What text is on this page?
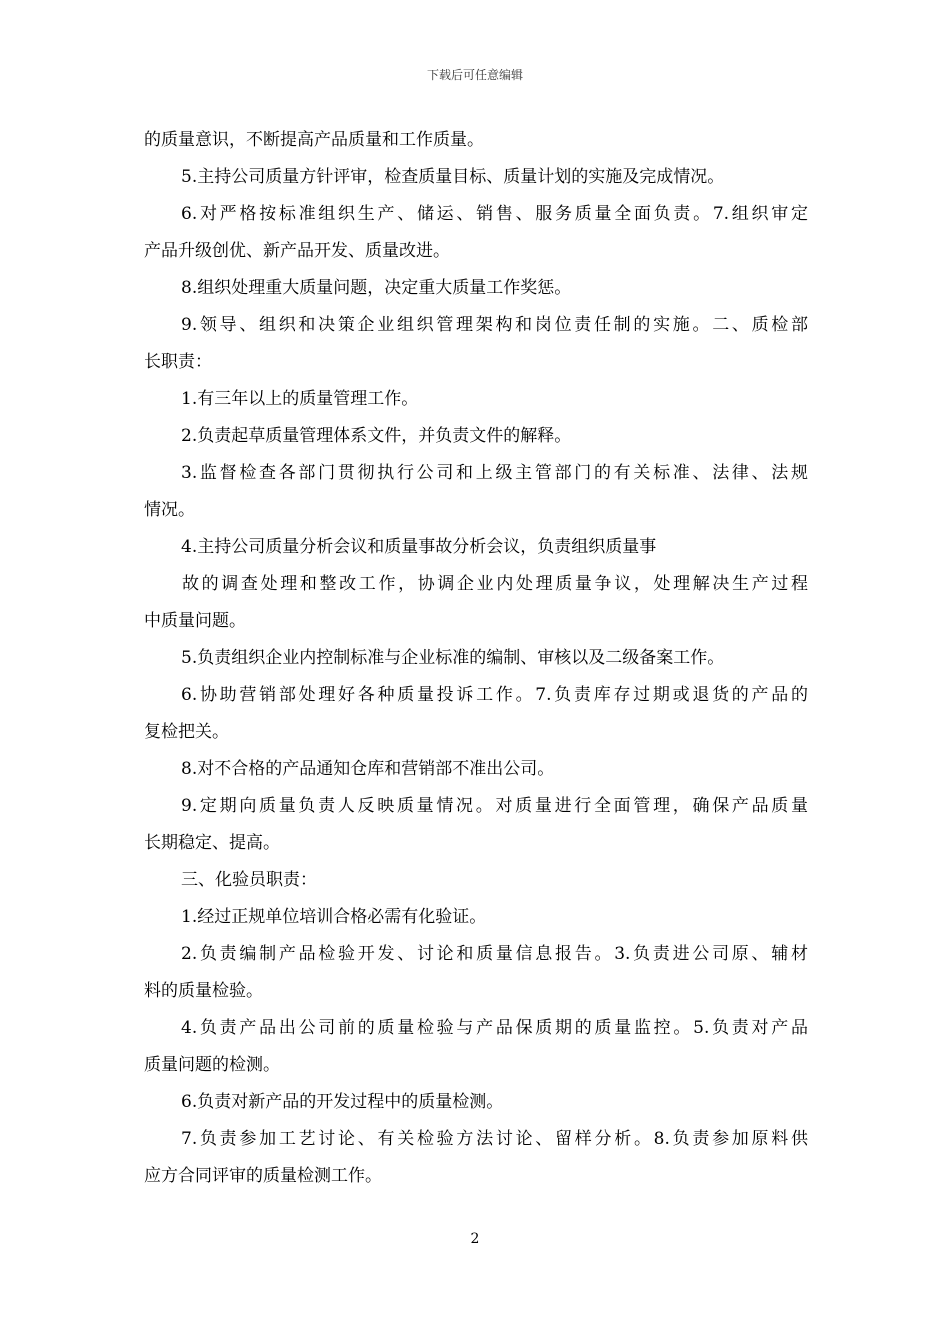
下载后可任意编辑
的质量意识，不断提高产品质量和工作质量。
5.主持公司质量方针评审，检查质量目标、质量计划的实施及完成情况。
6.对严格按标准组织生产、储运、销售、服务质量全面负责。7.组织审定
产品升级创优、新产品开发、质量改进。
8.组织处理重大质量问题，决定重大质量工作奖惩。
9.领导、组织和决策企业组织管理架构和岗位责任制的实施。二、质检部
长职责：
1.有三年以上的质量管理工作。
2.负责起草质量管理体系文件，并负责文件的解释。
3.监督检查各部门贯彻执行公司和上级主管部门的有关标准、法律、法规
情况。
4.主持公司质量分析会议和质量事故分析会议，负责组织质量事
故的调查处理和整改工作，协调企业内处理质量争议，处理解决生产过程
中质量问题。
5.负责组织企业内控制标准与企业标准的编制、审核以及二级备案工作。
6.协助营销部处理好各种质量投诉工作。7.负责库存过期或退货的产品的
复检把关。
8.对不合格的产品通知仓库和营销部不准出公司。
9.定期向质量负责人反映质量情况。对质量进行全面管理，确保产品质量
长期稳定、提高。
三、化验员职责：
1.经过正规单位培训合格必需有化验证。
2.负责编制产品检验开发、讨论和质量信息报告。3.负责进公司原、辅材
料的质量检验。
4.负责产品出公司前的质量检验与产品保质期的质量监控。5.负责对产品
质量问题的检测。
6.负责对新产品的开发过程中的质量检测。
7.负责参加工艺讨论、有关检验方法讨论、留样分析。8.负责参加原料供
应方合同评审的质量检测工作。
2
